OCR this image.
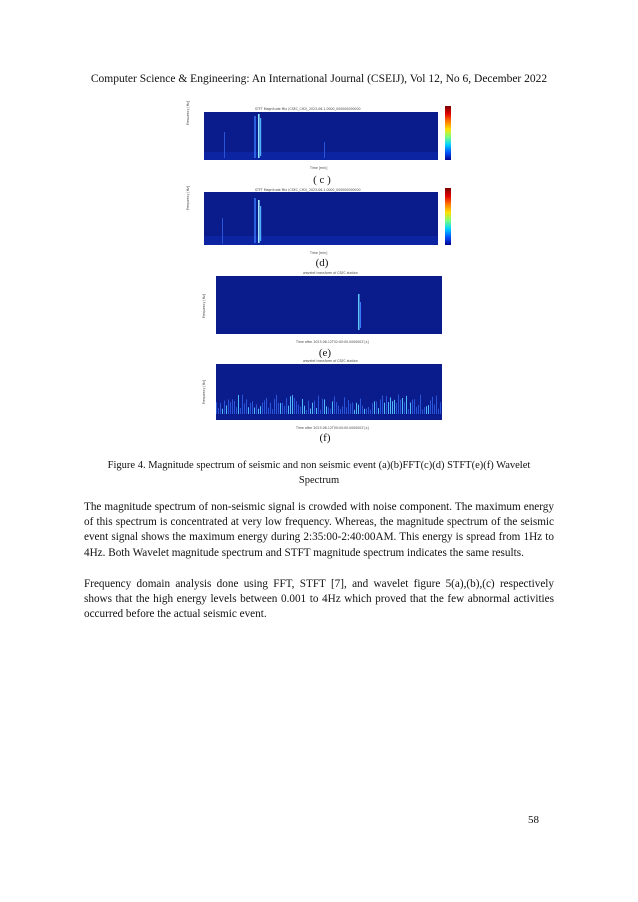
Computer Science & Engineering: An International Journal (CSEIJ), Vol 12, No 6, December 2022
STFT Magnitude Mix (CSEC_CH2)_2023-06-1.0000_000000000000
Frequency [Hz]
Time [min]
( c )
STFT Magnitude Mix (CSEC_CH2)_2023-06-1.0000_000000000000
Frequency [Hz]
Time [min]
(d)
wavelet transform of CSEC station
Frequency [Hz]
Time after 2023-06-12T02:00:00.000000Z [s]
(e)
wavelet transform of CSEC station
Frequency [Hz]
Time after 2023-06-12T00:00:00.000000Z [s]
(f)
Figure 4. Magnitude spectrum of seismic and non seismic event (a)(b)FFT(c)(d) STFT(e)(f) Wavelet
Spectrum

The magnitude spectrum of non-seismic signal is crowded with noise component. The maximum energy of this spectrum is concentrated at very low frequency. Whereas, the magnitude spectrum of the seismic event signal shows the maximum energy during 2:35:00-2:40:00AM. This energy is spread from 1Hz to 4Hz. Both Wavelet magnitude spectrum and STFT magnitude spectrum indicates the same results.

Frequency domain analysis done using FFT, STFT [7], and wavelet figure 5(a),(b),(c) respectively shows that the high energy levels between 0.001 to 4Hz which proved that the few abnormal activities occurred before the actual seismic event.

58
